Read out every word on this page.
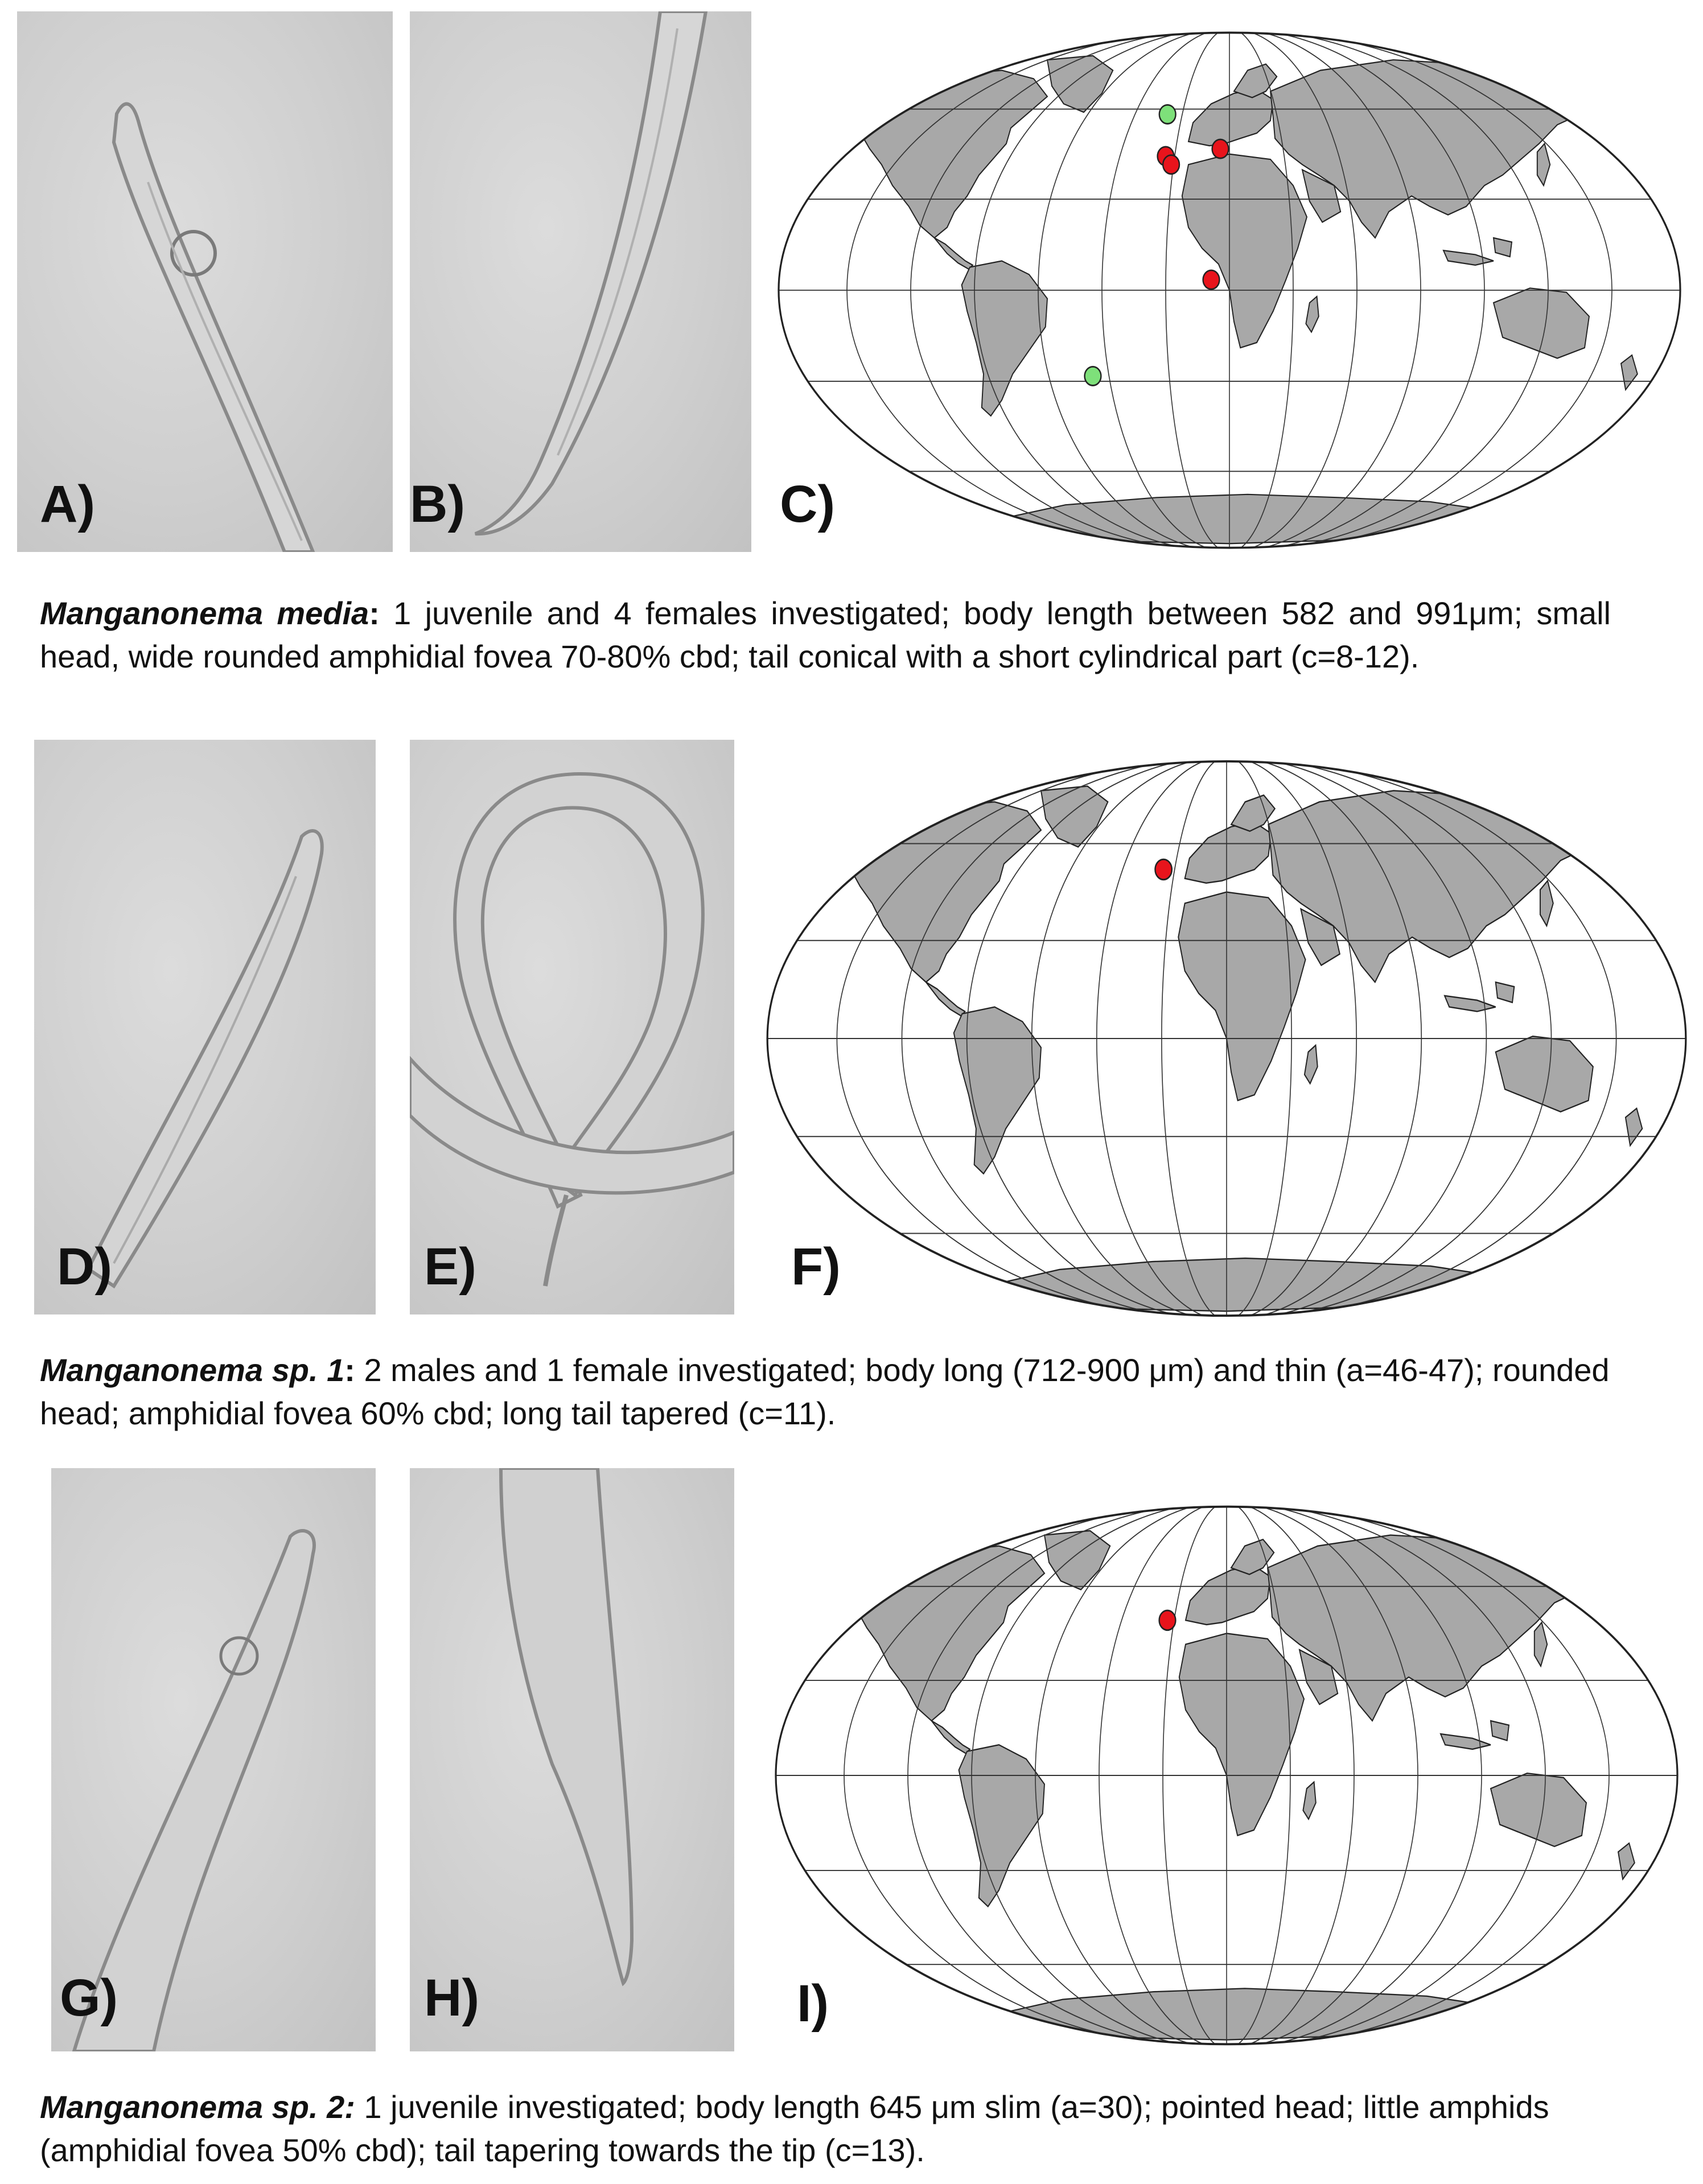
A)	B)	C)
Manganonema media: 1 juvenile and 4 females investigated; body length between 582 and 991μm; small head, wide rounded amphidial fovea 70-80% cbd; tail conical with a short cylindrical part (c=8-12).
D)	E)	F)
Manganonema sp. 1: 2 males and 1 female investigated; body long (712-900 μm) and thin (a=46-47); rounded head; amphidial fovea 60% cbd; long tail tapered (c=11).
G)	H)	I)
Manganonema sp. 2: 1 juvenile investigated; body length 645 μm slim (a=30); pointed head; little amphids (amphidial fovea 50% cbd); tail tapering towards the tip (c=13).
